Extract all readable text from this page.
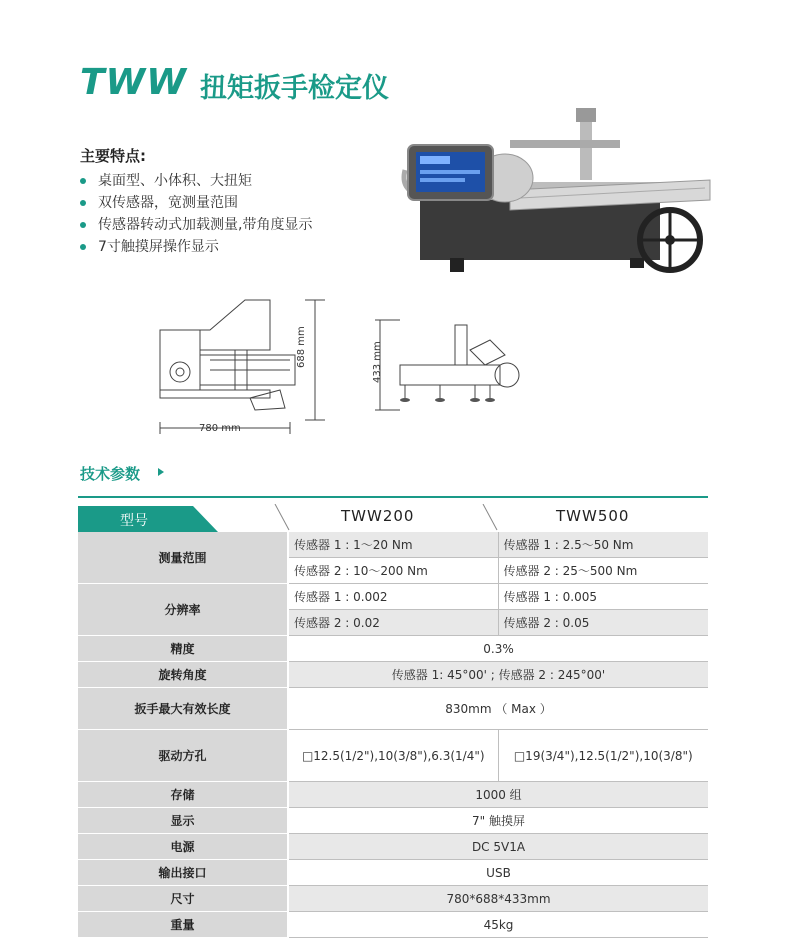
TWW 扭矩扳手检定仪
主要特点:
桌面型、小体积、大扭矩
双传感器，宽测量范围
传感器转动式加载测量,带角度显示
7寸触摸屏操作显示
780 mm
688 mm	433 mm
技术参数
型号	TWW200	TWW500
测量范围	传感器 1 : 1～20 Nm	传感器 1 : 2.5～50 Nm
	传感器 2 : 10～200 Nm	传感器 2 : 25～500 Nm
分辨率	传感器 1 : 0.002	传感器 1 : 0.005
	传感器 2 : 0.02	传感器 2 : 0.05
精度	0.3%	
旋转角度	传感器 1: 45°00' ; 传感器 2 : 245°00'	
扳手最大有效长度	830mm （ Max ）	
驱动方孔	□12.5(1/2"),10(3/8"),6.3(1/4")	□19(3/4"),12.5(1/2"),10(3/8")
存储	1000 组	
显示	7" 触摸屏	
电源	DC 5V1A	
输出接口	USB	
尺寸	780*688*433mm	
重量	45kg	
